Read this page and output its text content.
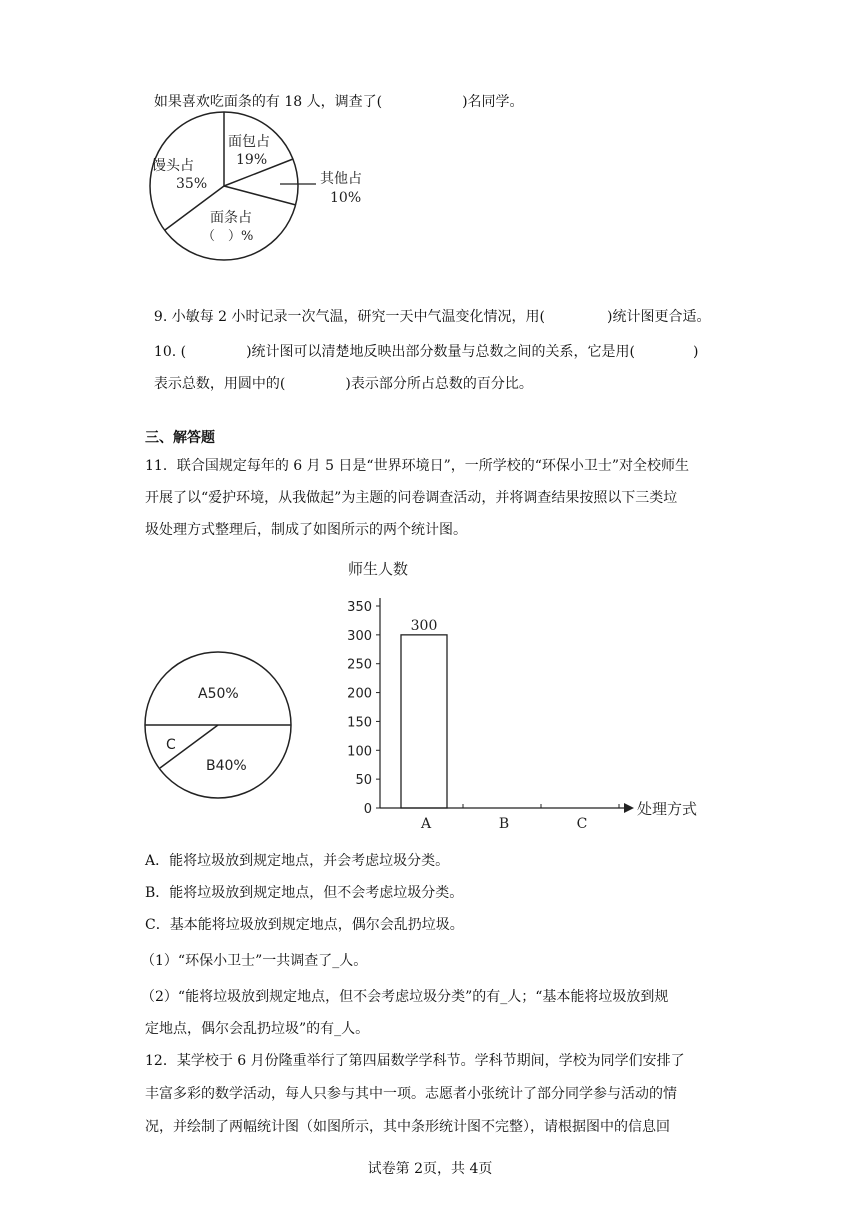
如果喜欢吃面条的有 18 人，调查了(	)名同学。

面包占
19%
馒头占
35%
面条占
（　）%
其他占
10%

9. 小敏每 2 小时记录一次气温，研究一天中气温变化情况，用(	)统计图更合适。

10. (	)统计图可以清楚地反映出部分数量与总数之间的关系，它是用(	)

表示总数，用圆中的(	)表示部分所占总数的百分比。

三、解答题
11．联合国规定每年的 6 月 5 日是“世界环境日”，一所学校的“环保小卫士”对全校师生
开展了以“爱护环境，从我做起”为主题的问卷调查活动，并将调查结果按照以下三类垃
圾处理方式整理后，制成了如图所示的两个统计图。
A50%
B40%
C
师生人数
处理方式
0
50
100
150
200
250
300
350
A
300
B	C
A．能将垃圾放到规定地点，并会考虑垃圾分类。
B．能将垃圾放到规定地点，但不会考虑垃圾分类。
C．基本能将垃圾放到规定地点，偶尔会乱扔垃圾。
（1）“环保小卫士”一共调查了_人。
（2）“能将垃圾放到规定地点，但不会考虑垃圾分类”的有_人；“基本能将垃圾放到规
定地点，偶尔会乱扔垃圾”的有_人。
12．某学校于 6 月份隆重举行了第四届数学学科节。学科节期间，学校为同学们安排了
丰富多彩的数学活动，每人只参与其中一项。志愿者小张统计了部分同学参与活动的情
况，并绘制了两幅统计图（如图所示，其中条形统计图不完整），请根据图中的信息回
试卷第 2页，共 4页
